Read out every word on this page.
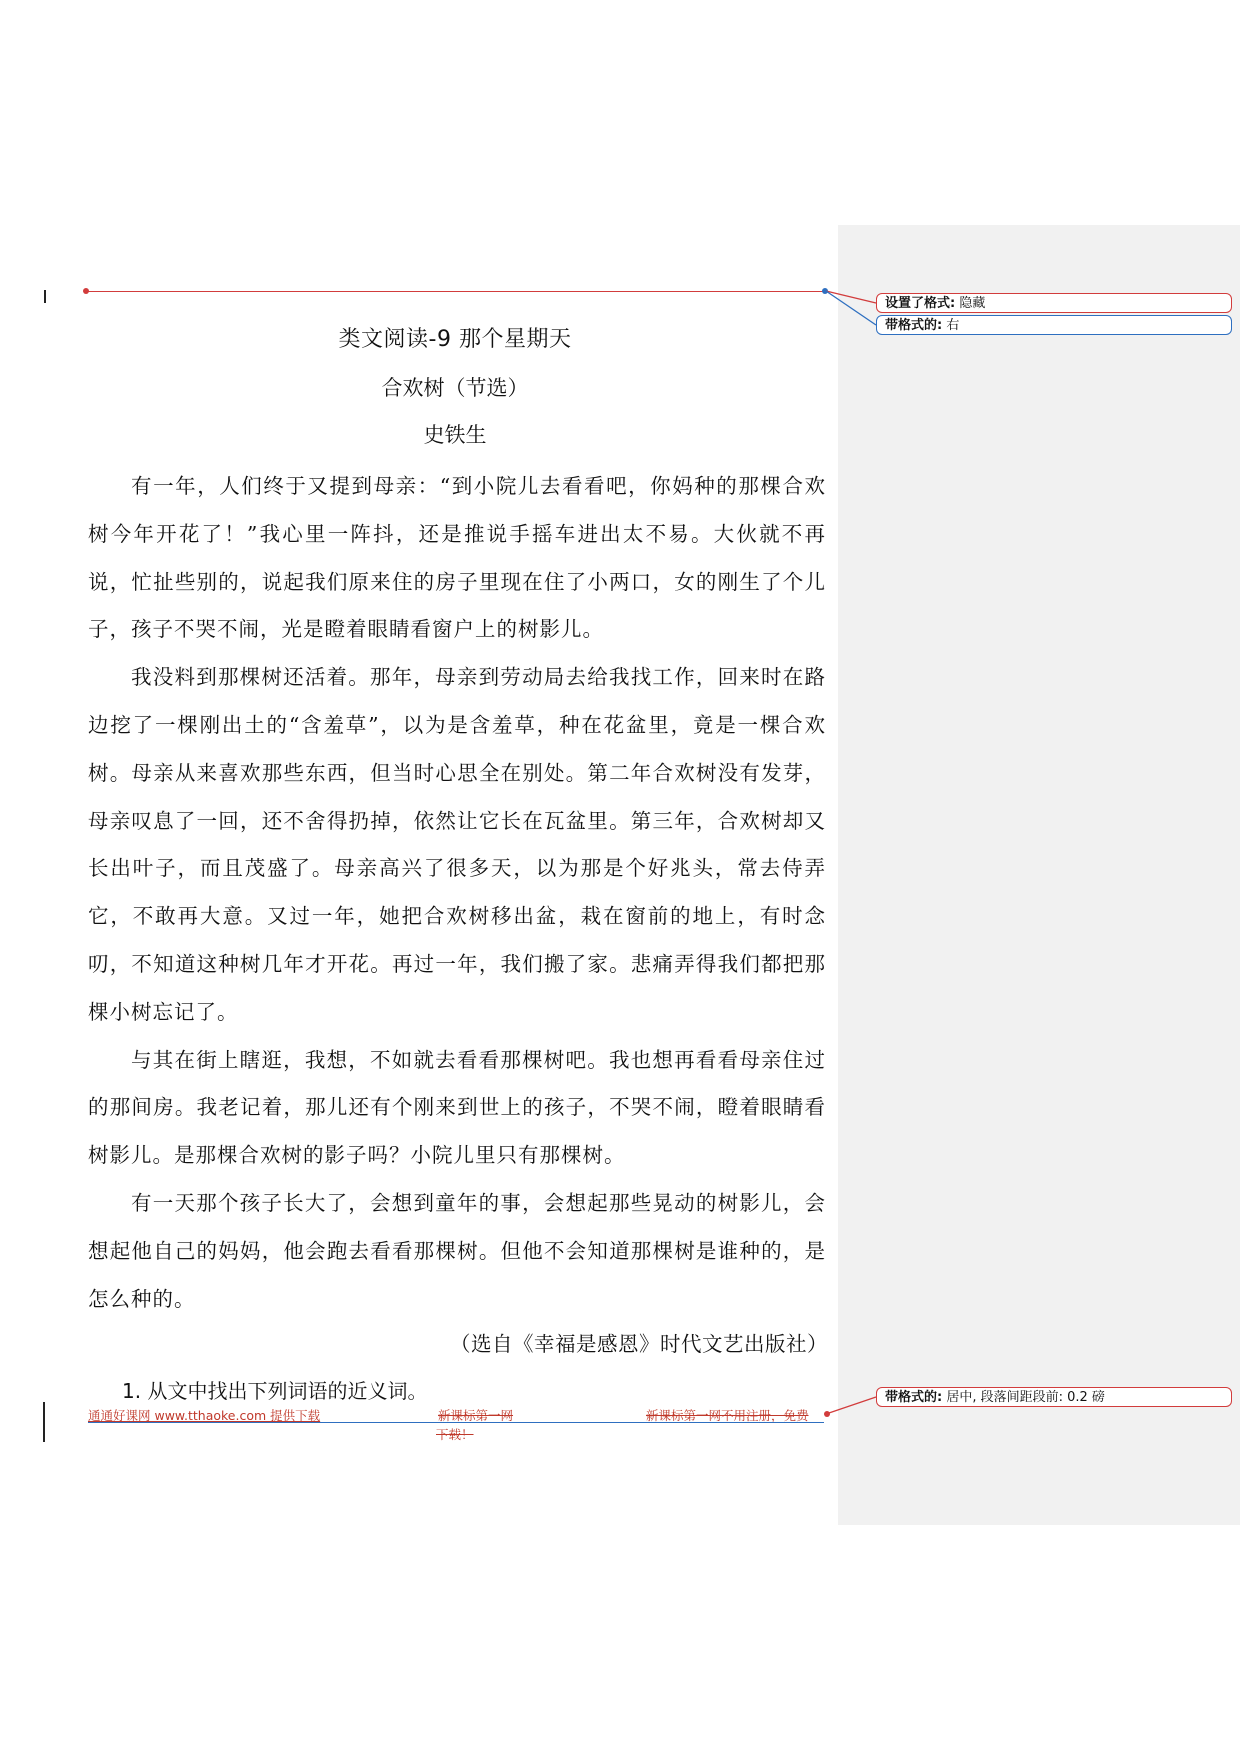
设置了格式: 隐藏
带格式的: 右
带格式的: 居中, 段落间距段前: 0.2 磅
类文阅读-9 那个星期天
合欢树（节选）
史铁生

有一年，人们终于又提到母亲：“到小院儿去看看吧，你妈种的那棵合欢树今年开花了！”我心里一阵抖，还是推说手摇车进出太不易。大伙就不再说，忙扯些别的，说起我们原来住的房子里现在住了小两口，女的刚生了个儿子，孩子不哭不闹，光是瞪着眼睛看窗户上的树影儿。

我没料到那棵树还活着。那年，母亲到劳动局去给我找工作，回来时在路边挖了一棵刚出土的“含羞草”，以为是含羞草，种在花盆里，竟是一棵合欢树。母亲从来喜欢那些东西，但当时心思全在别处。第二年合欢树没有发芽，母亲叹息了一回，还不舍得扔掉，依然让它长在瓦盆里。第三年，合欢树却又长出叶子，而且茂盛了。母亲高兴了很多天，以为那是个好兆头，常去侍弄它，不敢再大意。又过一年，她把合欢树移出盆，栽在窗前的地上，有时念叨，不知道这种树几年才开花。再过一年，我们搬了家。悲痛弄得我们都把那棵小树忘记了。

与其在街上瞎逛，我想，不如就去看看那棵树吧。我也想再看看母亲住过的那间房。我老记着，那儿还有个刚来到世上的孩子，不哭不闹，瞪着眼睛看树影儿。是那棵合欢树的影子吗？小院儿里只有那棵树。

有一天那个孩子长大了，会想到童年的事，会想起那些晃动的树影儿，会想起他自己的妈妈，他会跑去看看那棵树。但他不会知道那棵树是谁种的，是怎么种的。

（选自《幸福是感恩》时代文艺出版社）
1. 从文中找出下列词语的近义词。
通通好课网 www.tthaoke.com 提供下载	新课标第一网
下载！
新课标第一网不用注册，免费
